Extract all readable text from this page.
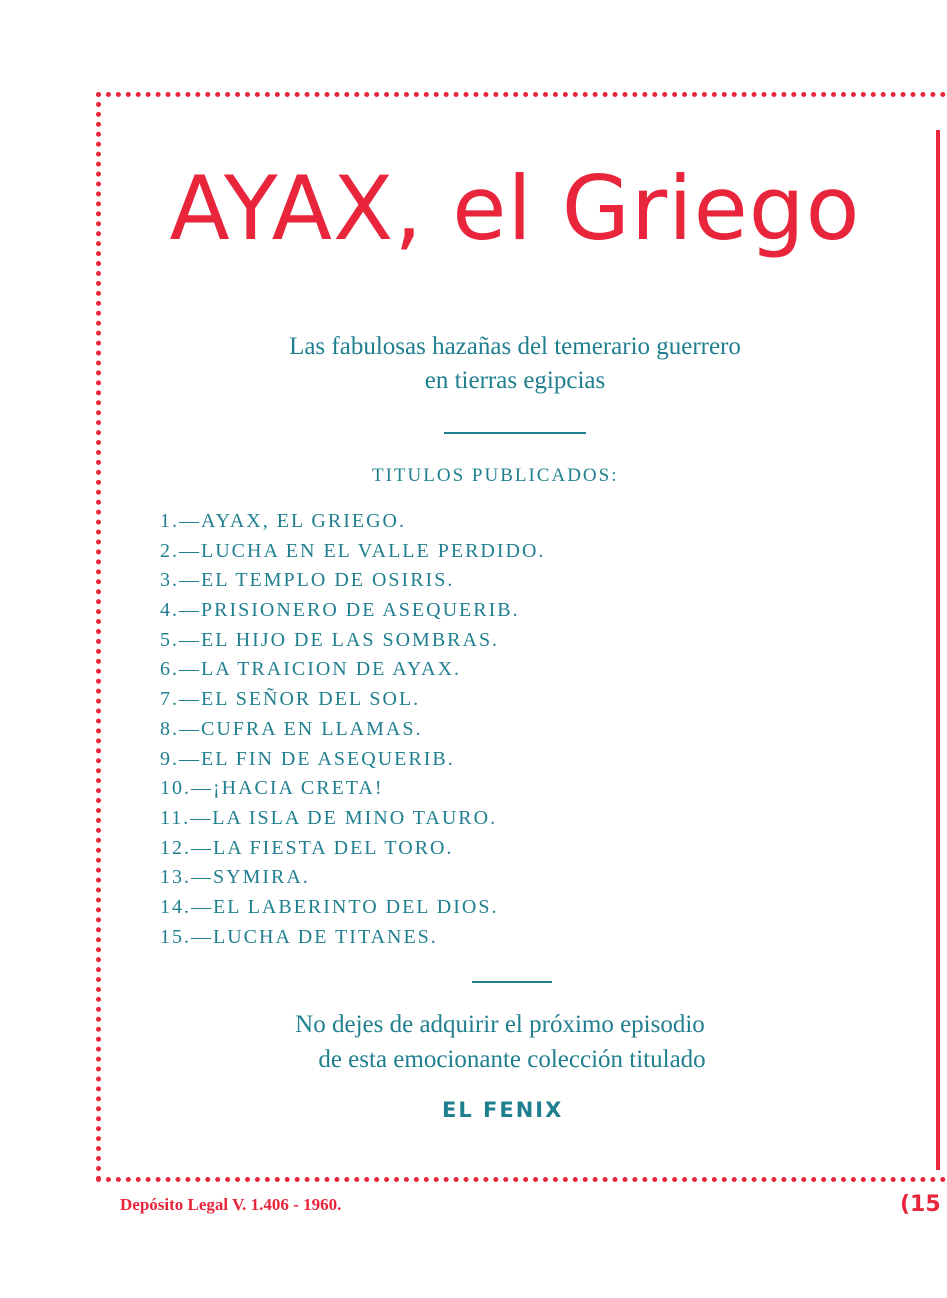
AYAX, el Griego
Las fabulosas hazañas del temerario guerrero
en tierras egipcias
TITULOS PUBLICADOS:
1.—AYAX, EL GRIEGO.
2.—LUCHA EN EL VALLE PERDIDO.
3.—EL TEMPLO DE OSIRIS.
4.—PRISIONERO DE ASEQUERIB.
5.—EL HIJO DE LAS SOMBRAS.
6.—LA TRAICION DE AYAX.
7.—EL SEÑOR DEL SOL.
8.—CUFRA EN LLAMAS.
9.—EL FIN DE ASEQUERIB.
10.—¡HACIA CRETA!
11.—LA ISLA DE MINO TAURO.
12.—LA FIESTA DEL TORO.
13.—SYMIRA.
14.—EL LABERINTO DEL DIOS.
15.—LUCHA DE TITANES.
No dejes de adquirir el próximo episodio
de esta emocionante colección titulado
EL FENIX
Depósito Legal V. 1.406 - 1960.	(15
